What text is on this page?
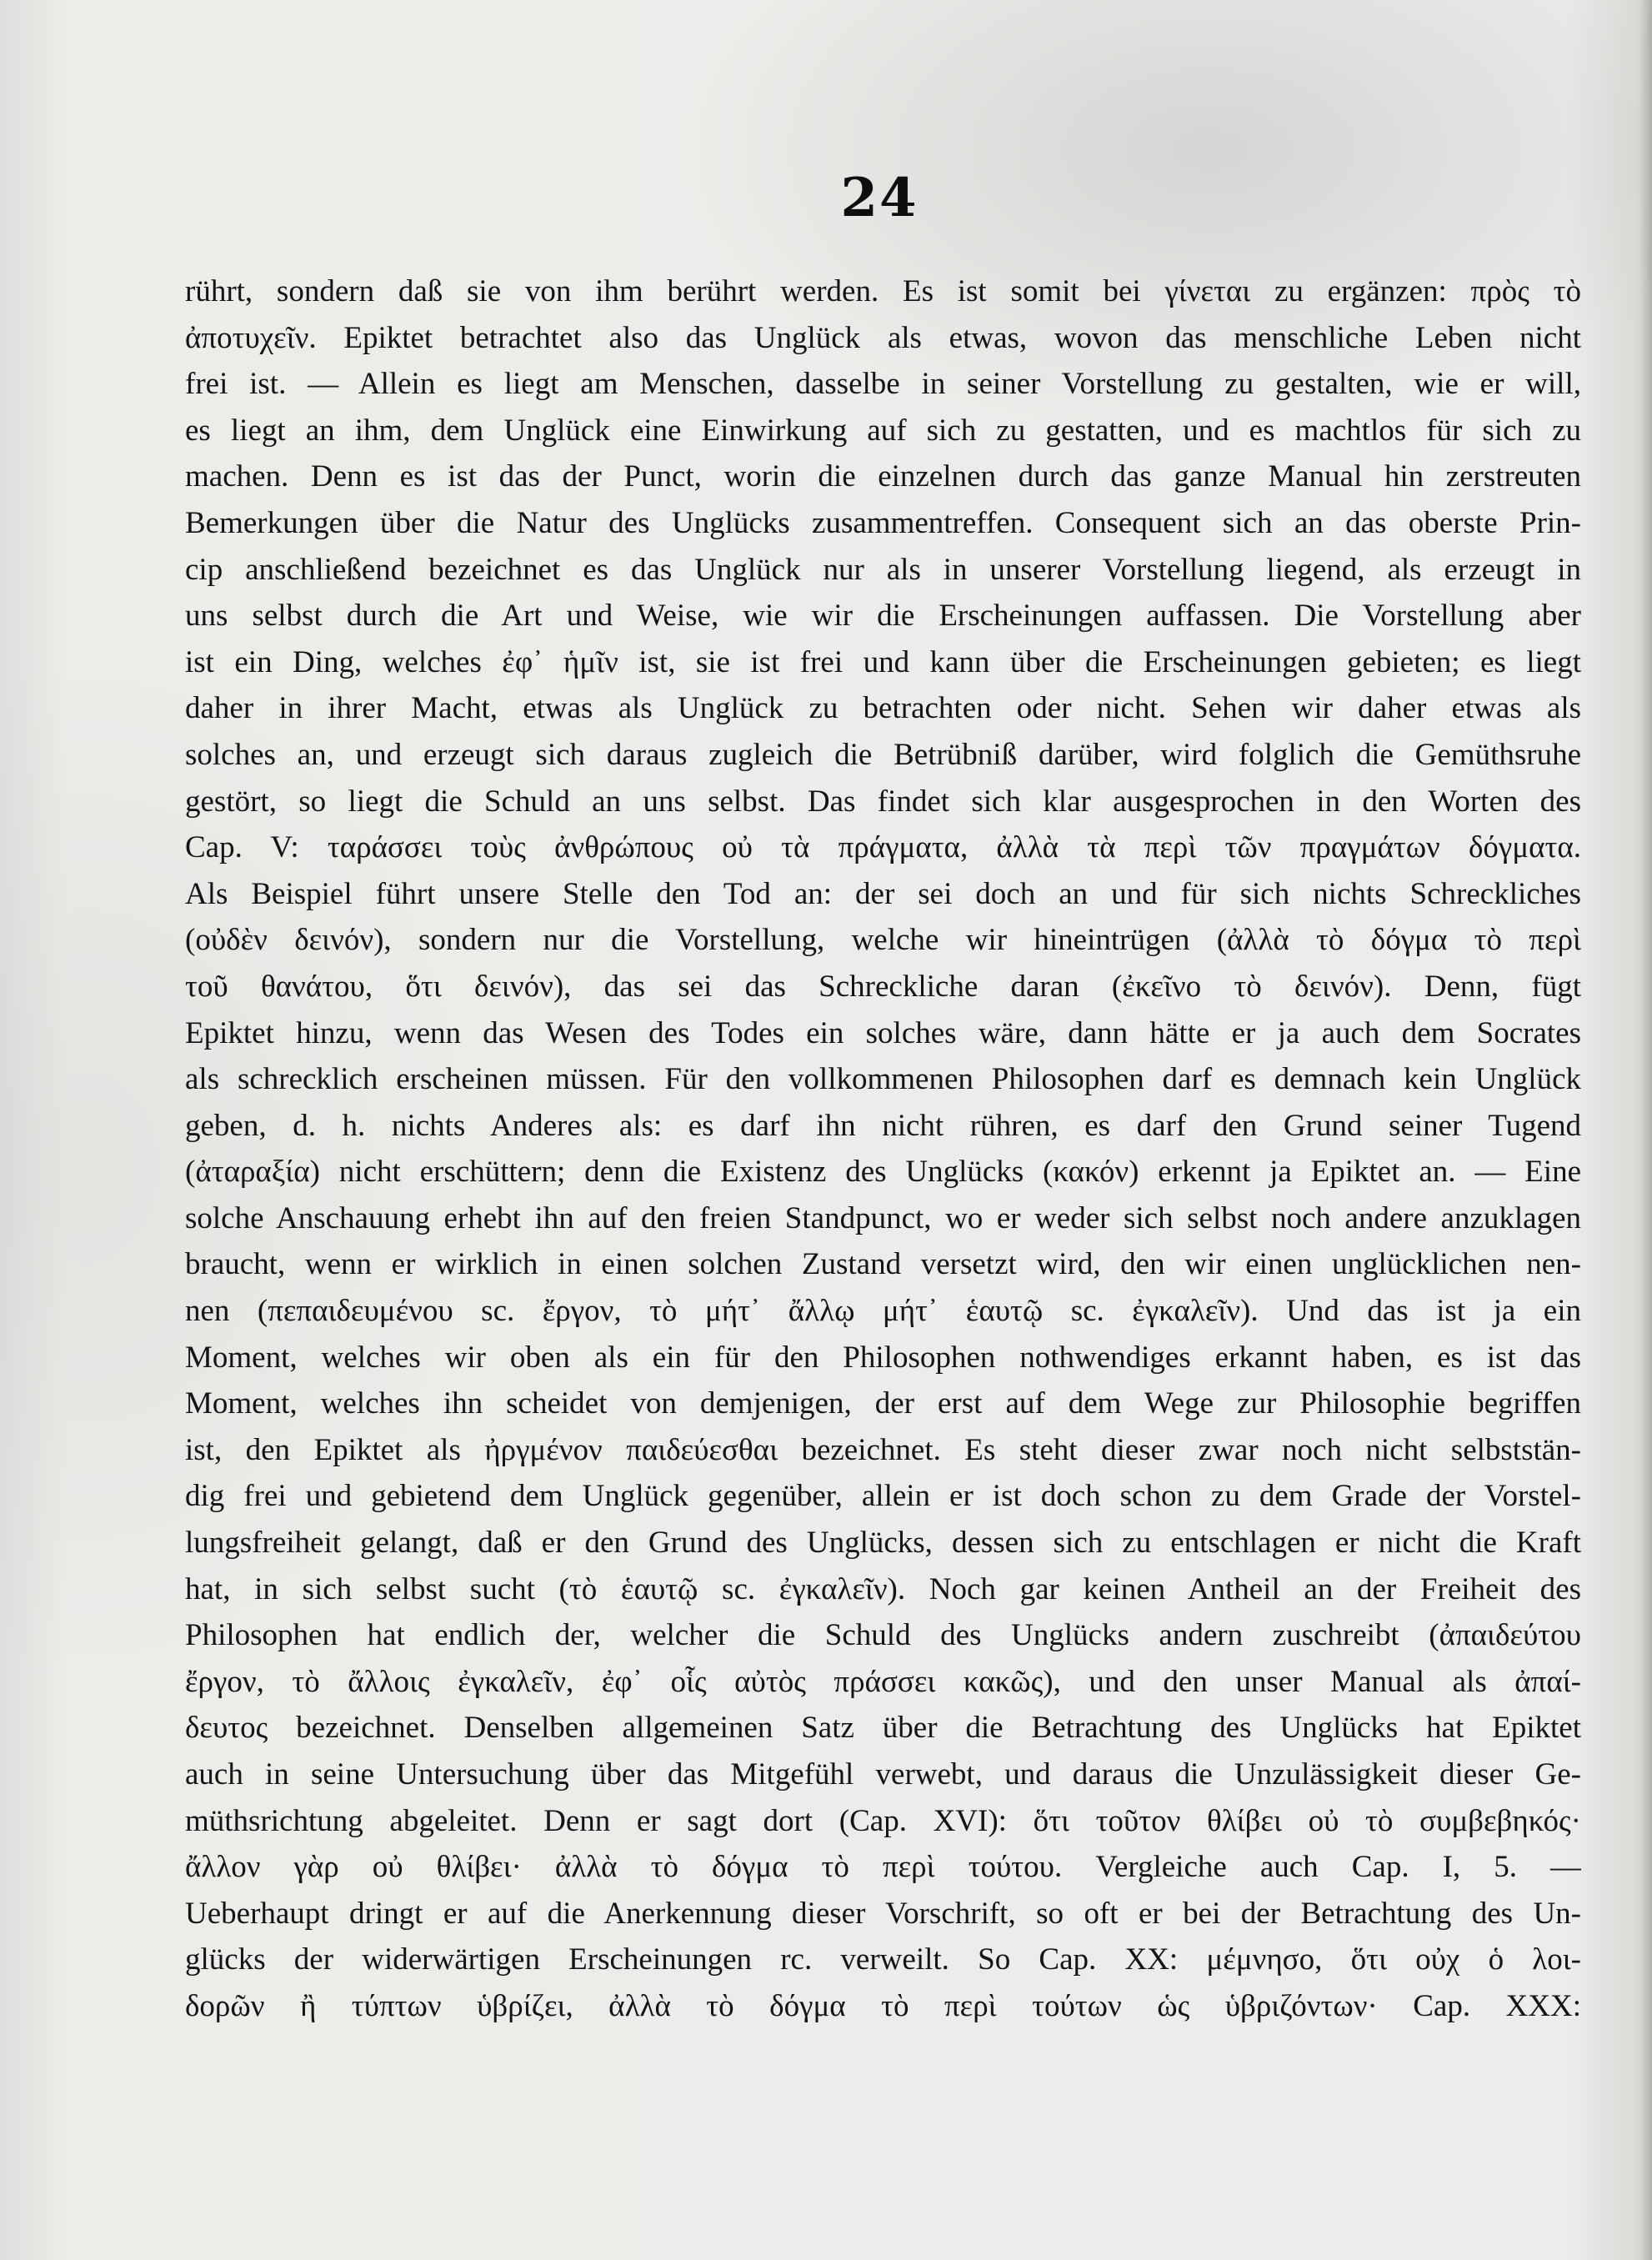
24
rührt, sondern daß sie von ihm berührt werden. Es ist somit bei γίνεται zu ergänzen: πρὸς τὸ
ἀποτυχεῖν. Epiktet betrachtet also das Unglück als etwas, wovon das menschliche Leben nicht
frei ist. — Allein es liegt am Menschen, dasselbe in seiner Vorstellung zu gestalten, wie er will,
es liegt an ihm, dem Unglück eine Einwirkung auf sich zu gestatten, und es machtlos für sich zu
machen. Denn es ist das der Punct, worin die einzelnen durch das ganze Manual hin zerstreuten
Bemerkungen über die Natur des Unglücks zusammentreffen. Consequent sich an das oberste Prin-
cip anschließend bezeichnet es das Unglück nur als in unserer Vorstellung liegend, als erzeugt in
uns selbst durch die Art und Weise, wie wir die Erscheinungen auffassen. Die Vorstellung aber
ist ein Ding, welches ἐφ᾽ ἡμῖν ist, sie ist frei und kann über die Erscheinungen gebieten; es liegt
daher in ihrer Macht, etwas als Unglück zu betrachten oder nicht. Sehen wir daher etwas als
solches an, und erzeugt sich daraus zugleich die Betrübniß darüber, wird folglich die Gemüthsruhe
gestört, so liegt die Schuld an uns selbst. Das findet sich klar ausgesprochen in den Worten des
Cap. V: ταράσσει τοὺς ἀνθρώπους οὐ τὰ πράγματα, ἀλλὰ τὰ περὶ τῶν πραγμάτων δόγματα.
Als Beispiel führt unsere Stelle den Tod an: der sei doch an und für sich nichts Schreckliches
(οὐδὲν δεινόν), sondern nur die Vorstellung, welche wir hineintrügen (ἀλλὰ τὸ δόγμα τὸ περὶ
τοῦ θανάτου, ὅτι δεινόν), das sei das Schreckliche daran (ἐκεῖνο τὸ δεινόν). Denn, fügt
Epiktet hinzu, wenn das Wesen des Todes ein solches wäre, dann hätte er ja auch dem Socrates
als schrecklich erscheinen müssen. Für den vollkommenen Philosophen darf es demnach kein Unglück
geben, d. h. nichts Anderes als: es darf ihn nicht rühren, es darf den Grund seiner Tugend
(ἀταραξία) nicht erschüttern; denn die Existenz des Unglücks (κακόν) erkennt ja Epiktet an. — Eine
solche Anschauung erhebt ihn auf den freien Standpunct, wo er weder sich selbst noch andere anzuklagen
braucht, wenn er wirklich in einen solchen Zustand versetzt wird, den wir einen unglücklichen nen-
nen (πεπαιδευμένου sc. ἔργον, τὸ μήτ᾽ ἄλλῳ μήτ᾽ ἑαυτῷ sc. ἐγκαλεῖν). Und das ist ja ein
Moment, welches wir oben als ein für den Philosophen nothwendiges erkannt haben, es ist das
Moment, welches ihn scheidet von demjenigen, der erst auf dem Wege zur Philosophie begriffen
ist, den Epiktet als ἠργμένον παιδεύεσθαι bezeichnet. Es steht dieser zwar noch nicht selbststän-
dig frei und gebietend dem Unglück gegenüber, allein er ist doch schon zu dem Grade der Vorstel-
lungsfreiheit gelangt, daß er den Grund des Unglücks, dessen sich zu entschlagen er nicht die Kraft
hat, in sich selbst sucht (τὸ ἑαυτῷ sc. ἐγκαλεῖν). Noch gar keinen Antheil an der Freiheit des
Philosophen hat endlich der, welcher die Schuld des Unglücks andern zuschreibt (ἀπαιδεύτου
ἔργον, τὸ ἄλλοις ἐγκαλεῖν, ἐφ᾽ οἷς αὐτὸς πράσσει κακῶς), und den unser Manual als ἀπαί-
δευτος bezeichnet. Denselben allgemeinen Satz über die Betrachtung des Unglücks hat Epiktet
auch in seine Untersuchung über das Mitgefühl verwebt, und daraus die Unzulässigkeit dieser Ge-
müthsrichtung abgeleitet. Denn er sagt dort (Cap. XVI): ὅτι τοῦτον θλίβει οὐ τὸ συμβεβηκός·
ἄλλον γὰρ οὐ θλίβει· ἀλλὰ τὸ δόγμα τὸ περὶ τούτου. Vergleiche auch Cap. I, 5. —
Ueberhaupt dringt er auf die Anerkennung dieser Vorschrift, so oft er bei der Betrachtung des Un-
glücks der widerwärtigen Erscheinungen rc. verweilt. So Cap. XX: μέμνησο, ὅτι οὐχ ὁ λοι-
δορῶν ἢ τύπτων ὑβρίζει, ἀλλὰ τὸ δόγμα τὸ περὶ τούτων ὡς ὑβριζόντων· Cap. XXX:
